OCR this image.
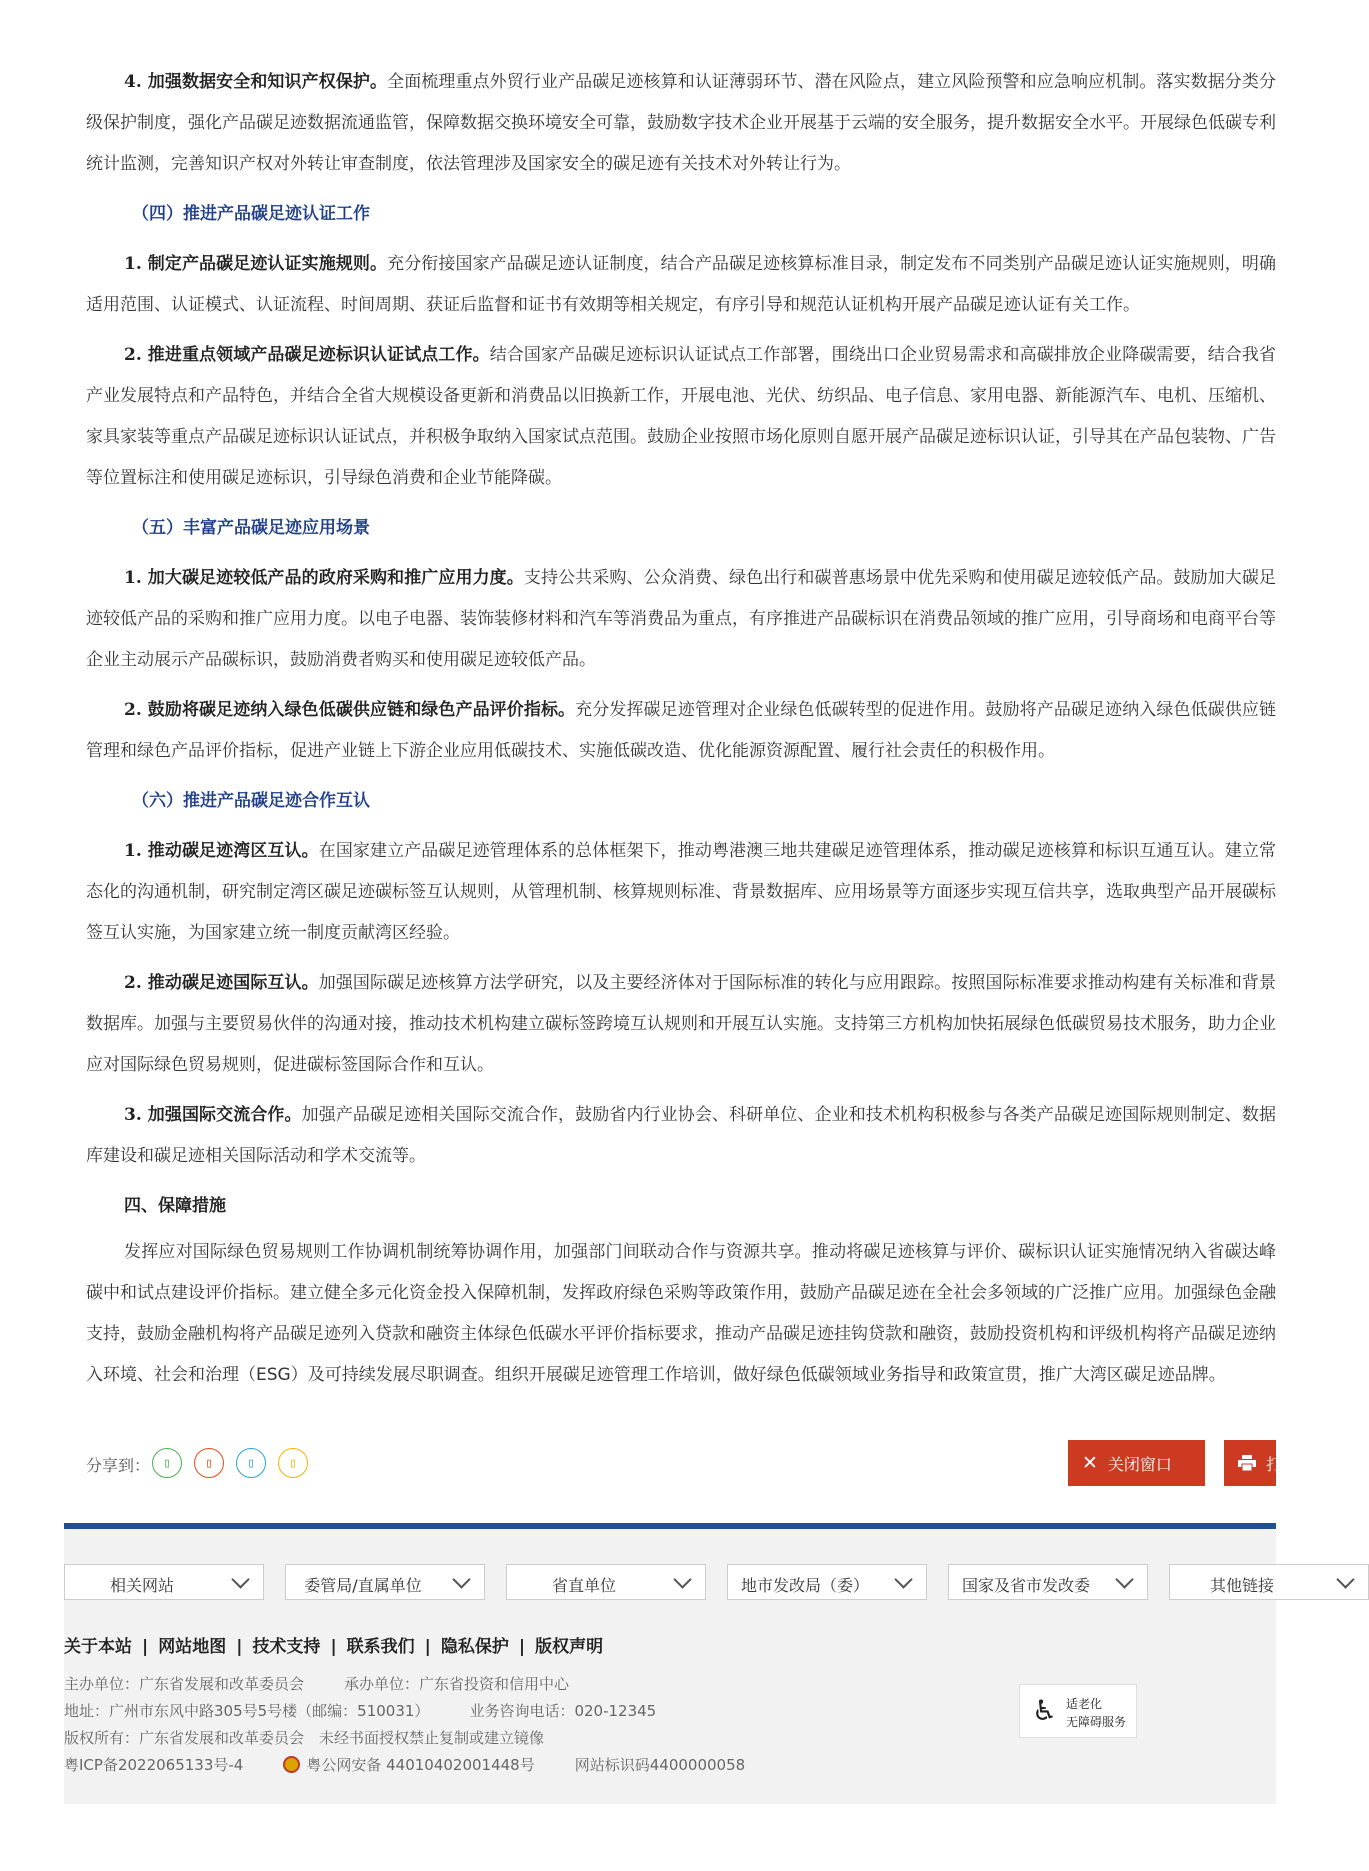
4. 加强数据安全和知识产权保护。全面梳理重点外贸行业产品碳足迹核算和认证薄弱环节、潜在风险点，建立风险预警和应急响应机制。落实数据分类分级保护制度，强化产品碳足迹数据流通监管，保障数据交换环境安全可靠，鼓励数字技术企业开展基于云端的安全服务，提升数据安全水平。开展绿色低碳专利统计监测，完善知识产权对外转让审查制度，依法管理涉及国家安全的碳足迹有关技术对外转让行为。

（四）推进产品碳足迹认证工作

1. 制定产品碳足迹认证实施规则。充分衔接国家产品碳足迹认证制度，结合产品碳足迹核算标准目录，制定发布不同类别产品碳足迹认证实施规则，明确适用范围、认证模式、认证流程、时间周期、获证后监督和证书有效期等相关规定，有序引导和规范认证机构开展产品碳足迹认证有关工作。

2. 推进重点领域产品碳足迹标识认证试点工作。结合国家产品碳足迹标识认证试点工作部署，围绕出口企业贸易需求和高碳排放企业降碳需要，结合我省产业发展特点和产品特色，并结合全省大规模设备更新和消费品以旧换新工作，开展电池、光伏、纺织品、电子信息、家用电器、新能源汽车、电机、压缩机、家具家装等重点产品碳足迹标识认证试点，并积极争取纳入国家试点范围。鼓励企业按照市场化原则自愿开展产品碳足迹标识认证，引导其在产品包装物、广告等位置标注和使用碳足迹标识，引导绿色消费和企业节能降碳。

（五）丰富产品碳足迹应用场景

1. 加大碳足迹较低产品的政府采购和推广应用力度。支持公共采购、公众消费、绿色出行和碳普惠场景中优先采购和使用碳足迹较低产品。鼓励加大碳足迹较低产品的采购和推广应用力度。以电子电器、装饰装修材料和汽车等消费品为重点，有序推进产品碳标识在消费品领域的推广应用，引导商场和电商平台等企业主动展示产品碳标识，鼓励消费者购买和使用碳足迹较低产品。

2. 鼓励将碳足迹纳入绿色低碳供应链和绿色产品评价指标。充分发挥碳足迹管理对企业绿色低碳转型的促进作用。鼓励将产品碳足迹纳入绿色低碳供应链管理和绿色产品评价指标，促进产业链上下游企业应用低碳技术、实施低碳改造、优化能源资源配置、履行社会责任的积极作用。

（六）推进产品碳足迹合作互认

1. 推动碳足迹湾区互认。在国家建立产品碳足迹管理体系的总体框架下，推动粤港澳三地共建碳足迹管理体系，推动碳足迹核算和标识互通互认。建立常态化的沟通机制，研究制定湾区碳足迹碳标签互认规则，从管理机制、核算规则标准、背景数据库、应用场景等方面逐步实现互信共享，选取典型产品开展碳标签互认实施，为国家建立统一制度贡献湾区经验。

2. 推动碳足迹国际互认。加强国际碳足迹核算方法学研究，以及主要经济体对于国际标准的转化与应用跟踪。按照国际标准要求推动构建有关标准和背景数据库。加强与主要贸易伙伴的沟通对接，推动技术机构建立碳标签跨境互认规则和开展互认实施。支持第三方机构加快拓展绿色低碳贸易技术服务，助力企业应对国际绿色贸易规则，促进碳标签国际合作和互认。

3. 加强国际交流合作。加强产品碳足迹相关国际交流合作，鼓励省内行业协会、科研单位、企业和技术机构积极参与各类产品碳足迹国际规则制定、数据库建设和碳足迹相关国际活动和学术交流等。

四、保障措施

发挥应对国际绿色贸易规则工作协调机制统筹协调作用，加强部门间联动合作与资源共享。推动将碳足迹核算与评价、碳标识认证实施情况纳入省碳达峰碳中和试点建设评价指标。建立健全多元化资金投入保障机制，发挥政府绿色采购等政策作用，鼓励产品碳足迹在全社会多领域的广泛推广应用。加强绿色金融支持，鼓励金融机构将产品碳足迹列入贷款和融资主体绿色低碳水平评价指标要求，推动产品碳足迹挂钩贷款和融资，鼓励投资机构和评级机构将产品碳足迹纳入环境、社会和治理（ESG）及可持续发展尽职调查。组织开展碳足迹管理工作培训，做好绿色低碳领域业务指导和政策宣贯，推广大湾区碳足迹品牌。

分享到：	▯	▯	▯	▯	✕ 关闭窗口	打印
相关网站	委管局/直属单位	省直单位	地市发改局（委）	国家及省市发改委	其他链接
关于本站 | 网站地图 | 技术支持 | 联系我们 | 隐私保护 | 版权声明
主办单位：广东省发展和改革委员会	承办单位：广东省投资和信用中心
地址：广州市东风中路305号5号楼（邮编：510031）	业务咨询电话：020-12345
版权所有：广东省发展和改革委员会　未经书面授权禁止复制或建立镜像
粤ICP备2022065133号-4	粤公网安备 44010402001448号	网站标识码4400000058
♿ 适老化
无障碍服务
